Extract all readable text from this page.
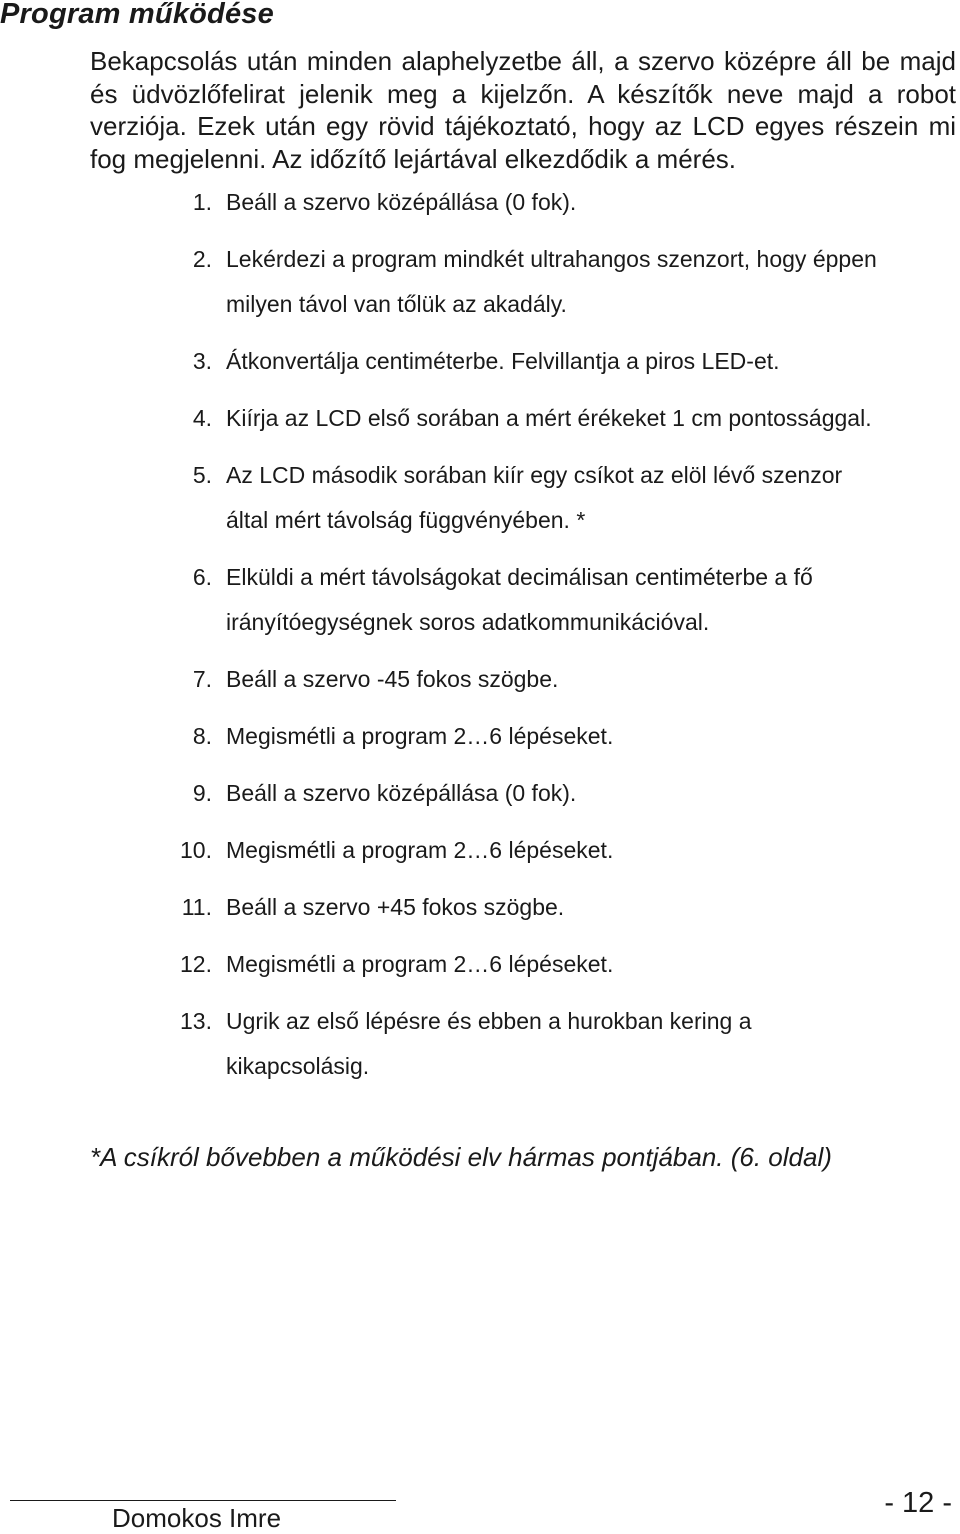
Program működése

Bekapcsolás után minden alaphelyzetbe áll, a szervo középre áll be majd és üdvözlőfelirat jelenik meg a kijelzőn. A készítők neve majd a robot verziója. Ezek után egy rövid tájékoztató, hogy az LCD egyes részein mi fog megjelenni. Az időzítő lejártával elkezdődik a mérés.

1. Beáll a szervo középállása (0 fok).
2. Lekérdezi a program mindkét ultrahangos szenzort, hogy éppen
milyen távol van tőlük az akadály.
3. Átkonvertálja centiméterbe. Felvillantja a piros LED-et.
4. Kiírja az LCD első sorában a mért érékeket 1 cm pontossággal.
5. Az LCD második sorában kiír egy csíkot az elöl lévő szenzor
által mért távolság függvényében. *
6. Elküldi a mért távolságokat decimálisan centiméterbe a fő
irányítóegységnek soros adatkommunikációval.
7. Beáll a szervo -45 fokos szögbe.
8. Megismétli a program 2…6 lépéseket.
9. Beáll a szervo középállása (0 fok).
10. Megismétli a program 2…6 lépéseket.
11. Beáll a szervo +45 fokos szögbe.
12. Megismétli a program 2…6 lépéseket.
13. Ugrik az első lépésre és ebben a hurokban kering a
kikapcsolásig.

*A csíkról bővebben a működési elv hármas pontjában. (6. oldal)

Domokos Imre	- 12 -
